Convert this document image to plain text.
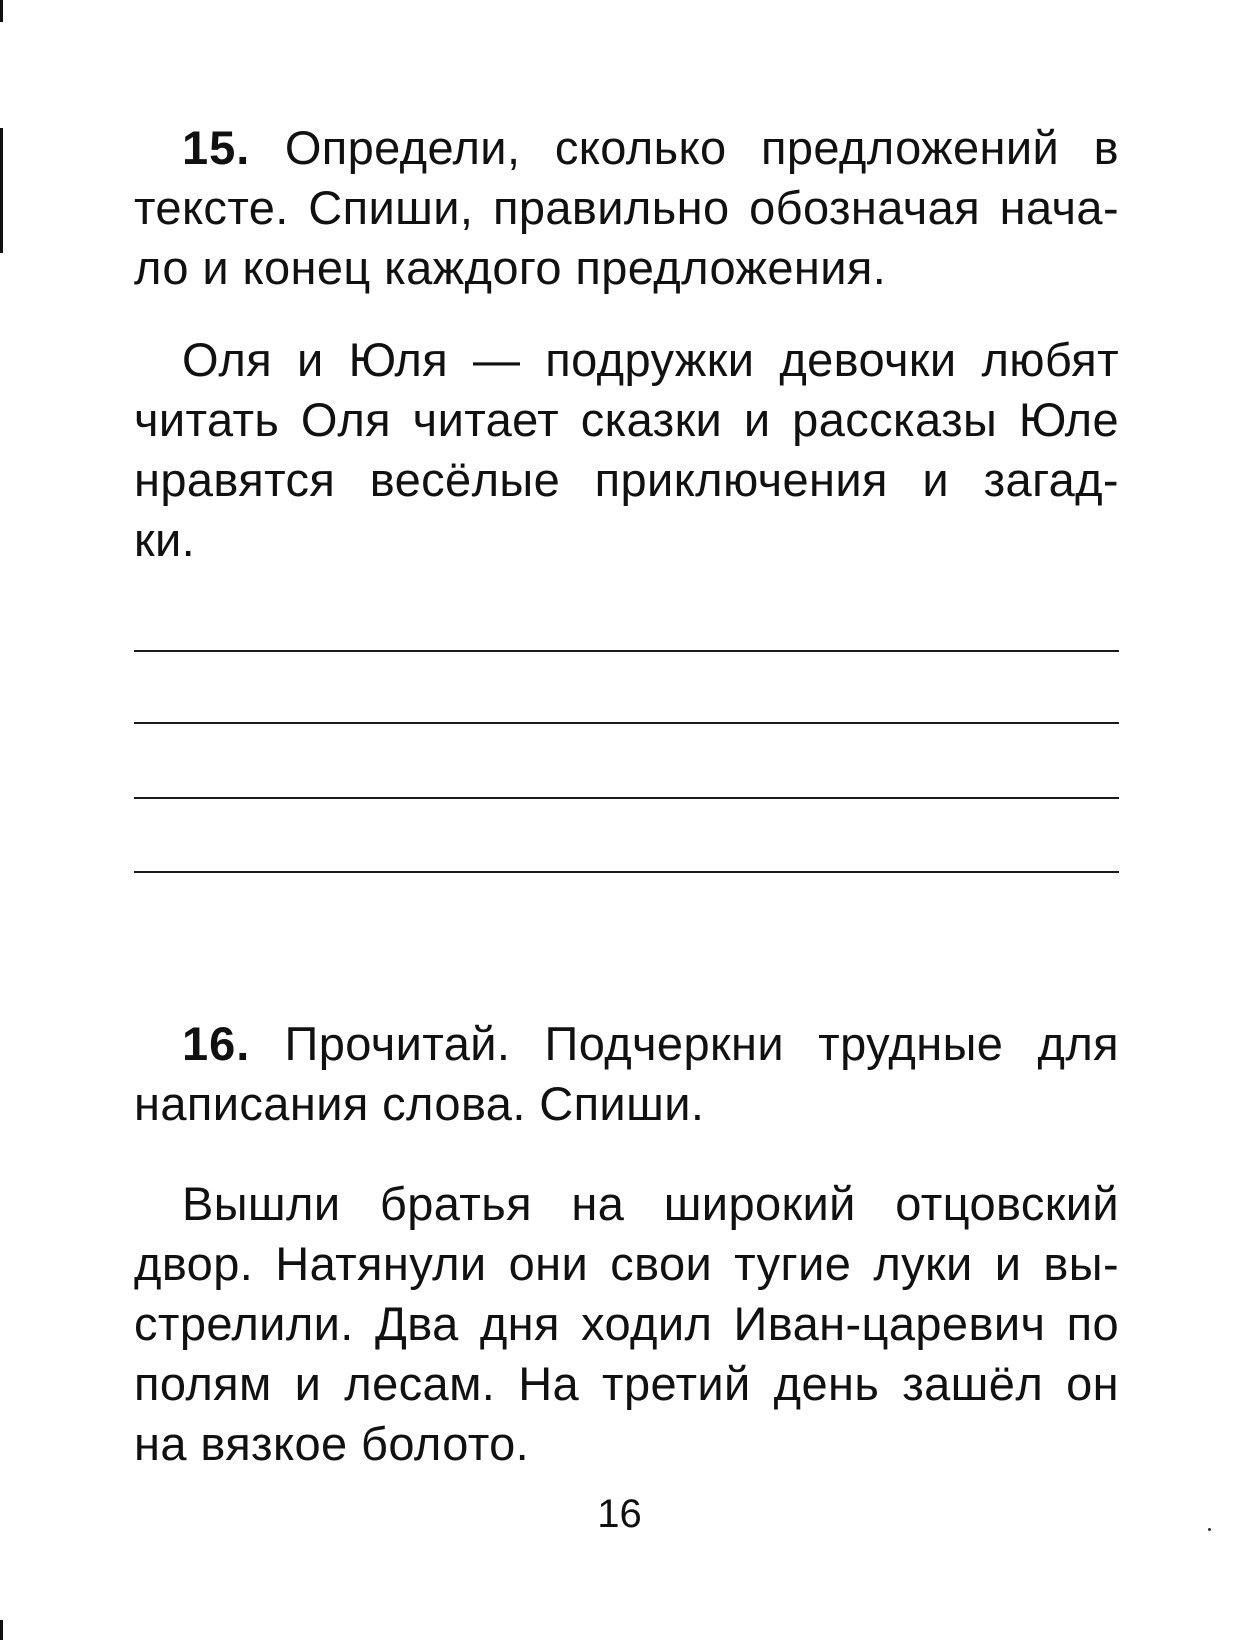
15. Определи, сколько предложений в
тексте. Спиши, правильно обозначая нача-
ло и конец каждого предложения.
Оля и Юля — подружки девочки любят
читать Оля читает сказки и рассказы Юле
нравятся весёлые приключения и загад-
ки.
16. Прочитай. Подчеркни трудные для
написания слова. Спиши.
Вышли братья на широкий отцовский
двор. Натянули они свои тугие луки и вы-
стрелили. Два дня ходил Иван-царевич по
полям и лесам. На третий день зашёл он
на вязкое болото.
16
